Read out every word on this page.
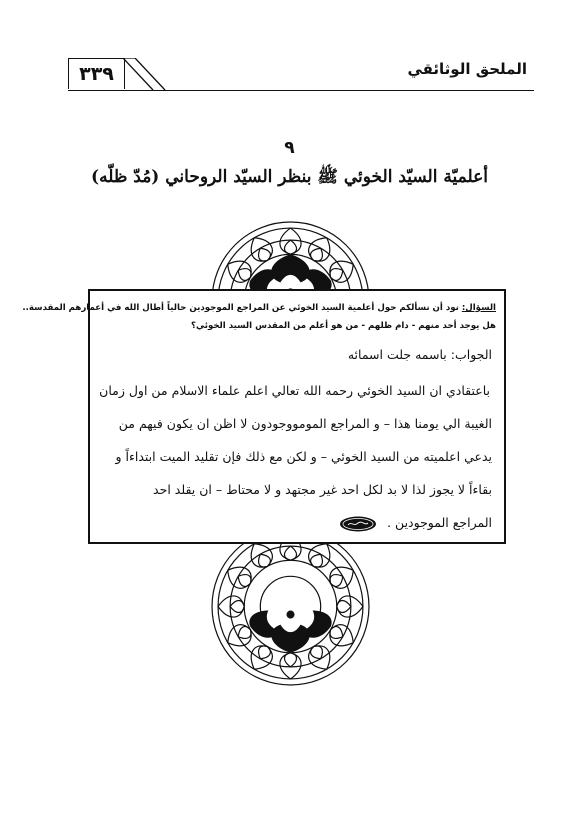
٣٣٩	الملحق الوثائقي
٩
أعلميّة السيّد الخوئي ﷺ بنظر السيّد الروحاني (مُدّ ظلّه)
السؤال: نود أن نسألكم حول أعلمية السيد الخوئي عن المراجع الموجودين حالياً أطال الله في أعمارهم المقدسة..
هل يوجد أحد منهم - دام ظلهم - من هو أعلم من المقدس السيد الخوئي؟
الجواب: باسمه جلت اسمائه
باعتقادي ان السيد الخوئي رحمه الله تعالي اعلم علماء الاسلام من اول زمان
الغيبة الي يومنا هذا – و المراجع المومووجودون لا اظن ان يكون فيهم من
يدعي اعلميته من السيد الخوئي – و لكن مع ذلك فإن تقليد الميت ابتداءاً و
بقاءاً لا يجوز لذا لا بد لكل احد غير مجتهد و لا محتاط – ان يقلد احد
المراجع الموجودين .
